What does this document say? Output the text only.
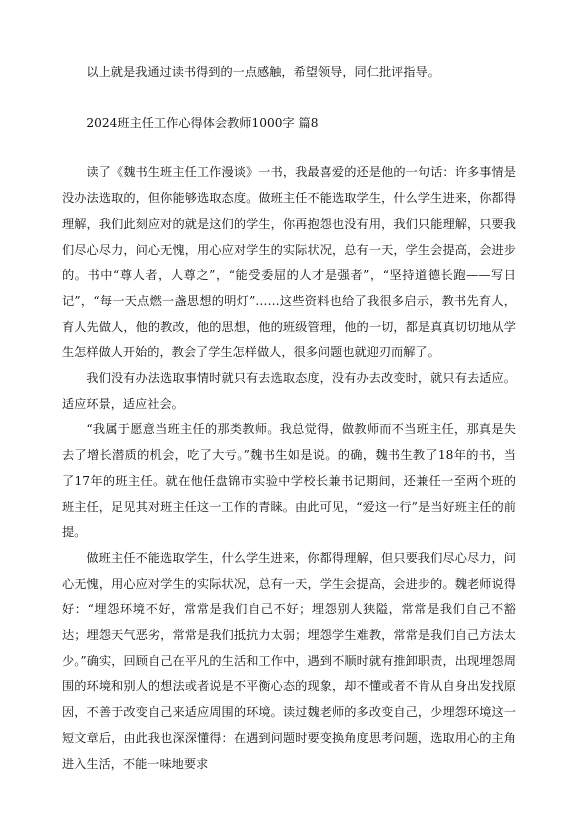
以上就是我通过读书得到的一点感触，希望领导，同仁批评指导。

2024班主任工作心得体会教师1000字 篇8

读了《魏书生班主任工作漫谈》一书，我最喜爱的还是他的一句话：许多事情是没办法选取的，但你能够选取态度。做班主任不能选取学生，什么学生进来，你都得理解，我们此刻应对的就是这们的学生，你再抱怨也没有用，我们只能理解，只要我们尽心尽力，问心无愧，用心应对学生的实际状况，总有一天，学生会提高，会进步的。书中“尊人者，人尊之”，“能受委屈的人才是强者”，“坚持道德长跑——写日记”，“每一天点燃一盏思想的明灯”……这些资料也给了我很多启示，教书先育人，育人先做人，他的教改，他的思想，他的班级管理，他的一切，都是真真切切地从学生怎样做人开始的，教会了学生怎样做人，很多问题也就迎刃而解了。

我们没有办法选取事情时就只有去选取态度，没有办去改变时，就只有去适应。适应环景，适应社会。

“我属于愿意当班主任的那类教师。我总觉得，做教师而不当班主任，那真是失去了增长潜质的机会，吃了大亏。”魏书生如是说。的确，魏书生教了18年的书，当了17年的班主任。就在他任盘锦市实验中学校长兼书记期间，还兼任一至两个班的班主任，足见其对班主任这一工作的青睐。由此可见，“爱这一行”是当好班主任的前提。

做班主任不能选取学生，什么学生进来，你都得理解，但只要我们尽心尽力，问心无愧，用心应对学生的实际状况，总有一天，学生会提高，会进步的。魏老师说得好：“埋怨环境不好，常常是我们自己不好；埋怨别人狭隘，常常是我们自己不豁达；埋怨天气恶劣，常常是我们抵抗力太弱；埋怨学生难教，常常是我们自己方法太少。”确实，回顾自己在平凡的生活和工作中，遇到不顺时就有推卸职责，出现埋怨周围的环境和别人的想法或者说是不平衡心态的现象，却不懂或者不肯从自身出发找原因，不善于改变自己来适应周围的环境。读过魏老师的多改变自己，少埋怨环境这一短文章后，由此我也深深懂得：在遇到问题时要变换角度思考问题，选取用心的主角进入生活，不能一味地要求
